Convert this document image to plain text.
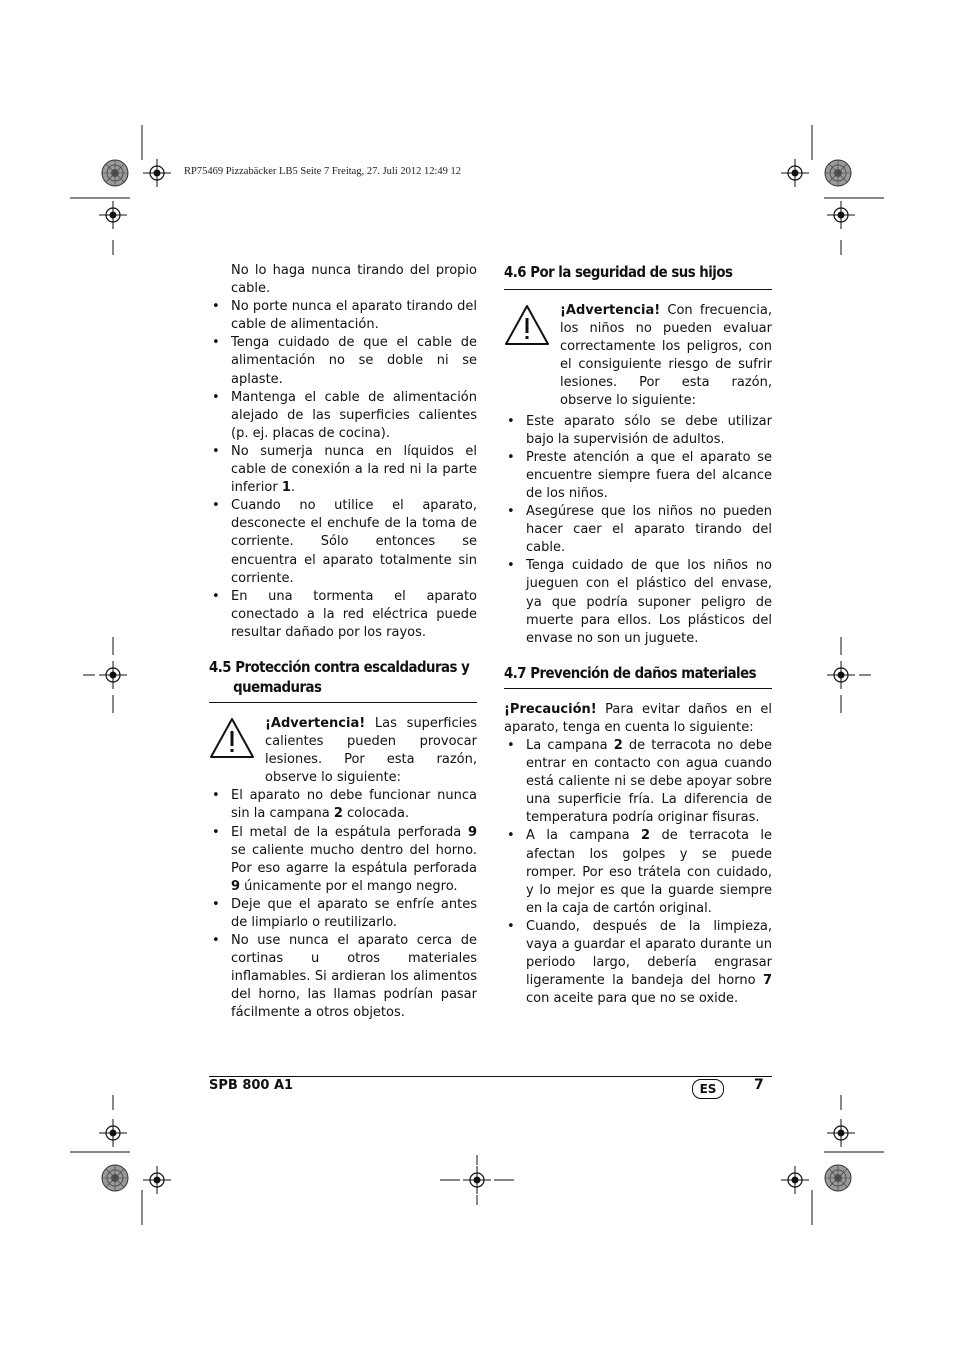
RP75469 Pizzabäcker LB5 Seite 7 Freitag, 27. Juli 2012 12:49 12

No lo haga nunca tirando del propio cable.

• No porte nunca el aparato tirando del cable de alimentación.
• Tenga cuidado de que el cable de alimentación no se doble ni se aplaste.
• Mantenga el cable de alimentación alejado de las superficies calientes (p. ej. placas de cocina).
• No sumerja nunca en líquidos el cable de conexión a la red ni la parte inferior 1.
• Cuando no utilice el aparato, desconecte el enchufe de la toma de corriente. Sólo entonces se encuentra el aparato totalmente sin corriente.
• En una tormenta el aparato conectado a la red eléctrica puede resultar dañado por los rayos.
4.5 Protección contra escaldaduras y
quemaduras
¡Advertencia! Las superficies calientes pueden provocar lesiones. Por esta razón, observe lo siguiente:
• El aparato no debe funcionar nunca sin la campana 2 colocada.
• El metal de la espátula perforada 9 se caliente mucho dentro del horno. Por eso agarre la espátula perforada 9 únicamente por el mango negro.
• Deje que el aparato se enfríe antes de limpiarlo o reutilizarlo.
• No use nunca el aparato cerca de cortinas u otros materiales inflamables. Si ardieran los alimentos del horno, las llamas podrían pasar fácilmente a otros objetos.
4.6 Por la seguridad de sus hijos
¡Advertencia! Con frecuencia, los niños no pueden evaluar correctamente los peligros, con el consiguiente riesgo de sufrir lesiones. Por esta razón, observe lo siguiente:
• Este aparato sólo se debe utilizar bajo la supervisión de adultos.
• Preste atención a que el aparato se encuentre siempre fuera del alcance de los niños.
• Asegúrese que los niños no pueden hacer caer el aparato tirando del cable.
• Tenga cuidado de que los niños no jueguen con el plástico del envase, ya que podría suponer peligro de muerte para ellos. Los plásticos del envase no son un juguete.
4.7 Prevención de daños materiales

¡Precaución! Para evitar daños en el aparato, tenga en cuenta lo siguiente:

• La campana 2 de terracota no debe entrar en contacto con agua cuando está caliente ni se debe apoyar sobre una superficie fría. La diferencia de temperatura podría originar fisuras.
• A la campana 2 de terracota le afectan los golpes y se puede romper. Por eso trátela con cuidado, y lo mejor es que la guarde siempre en la caja de cartón original.
• Cuando, después de la limpieza, vaya a guardar el aparato durante un periodo largo, debería engrasar ligeramente la bandeja del horno 7 con aceite para que no se oxide.
SPB 800 A1	ES	7
